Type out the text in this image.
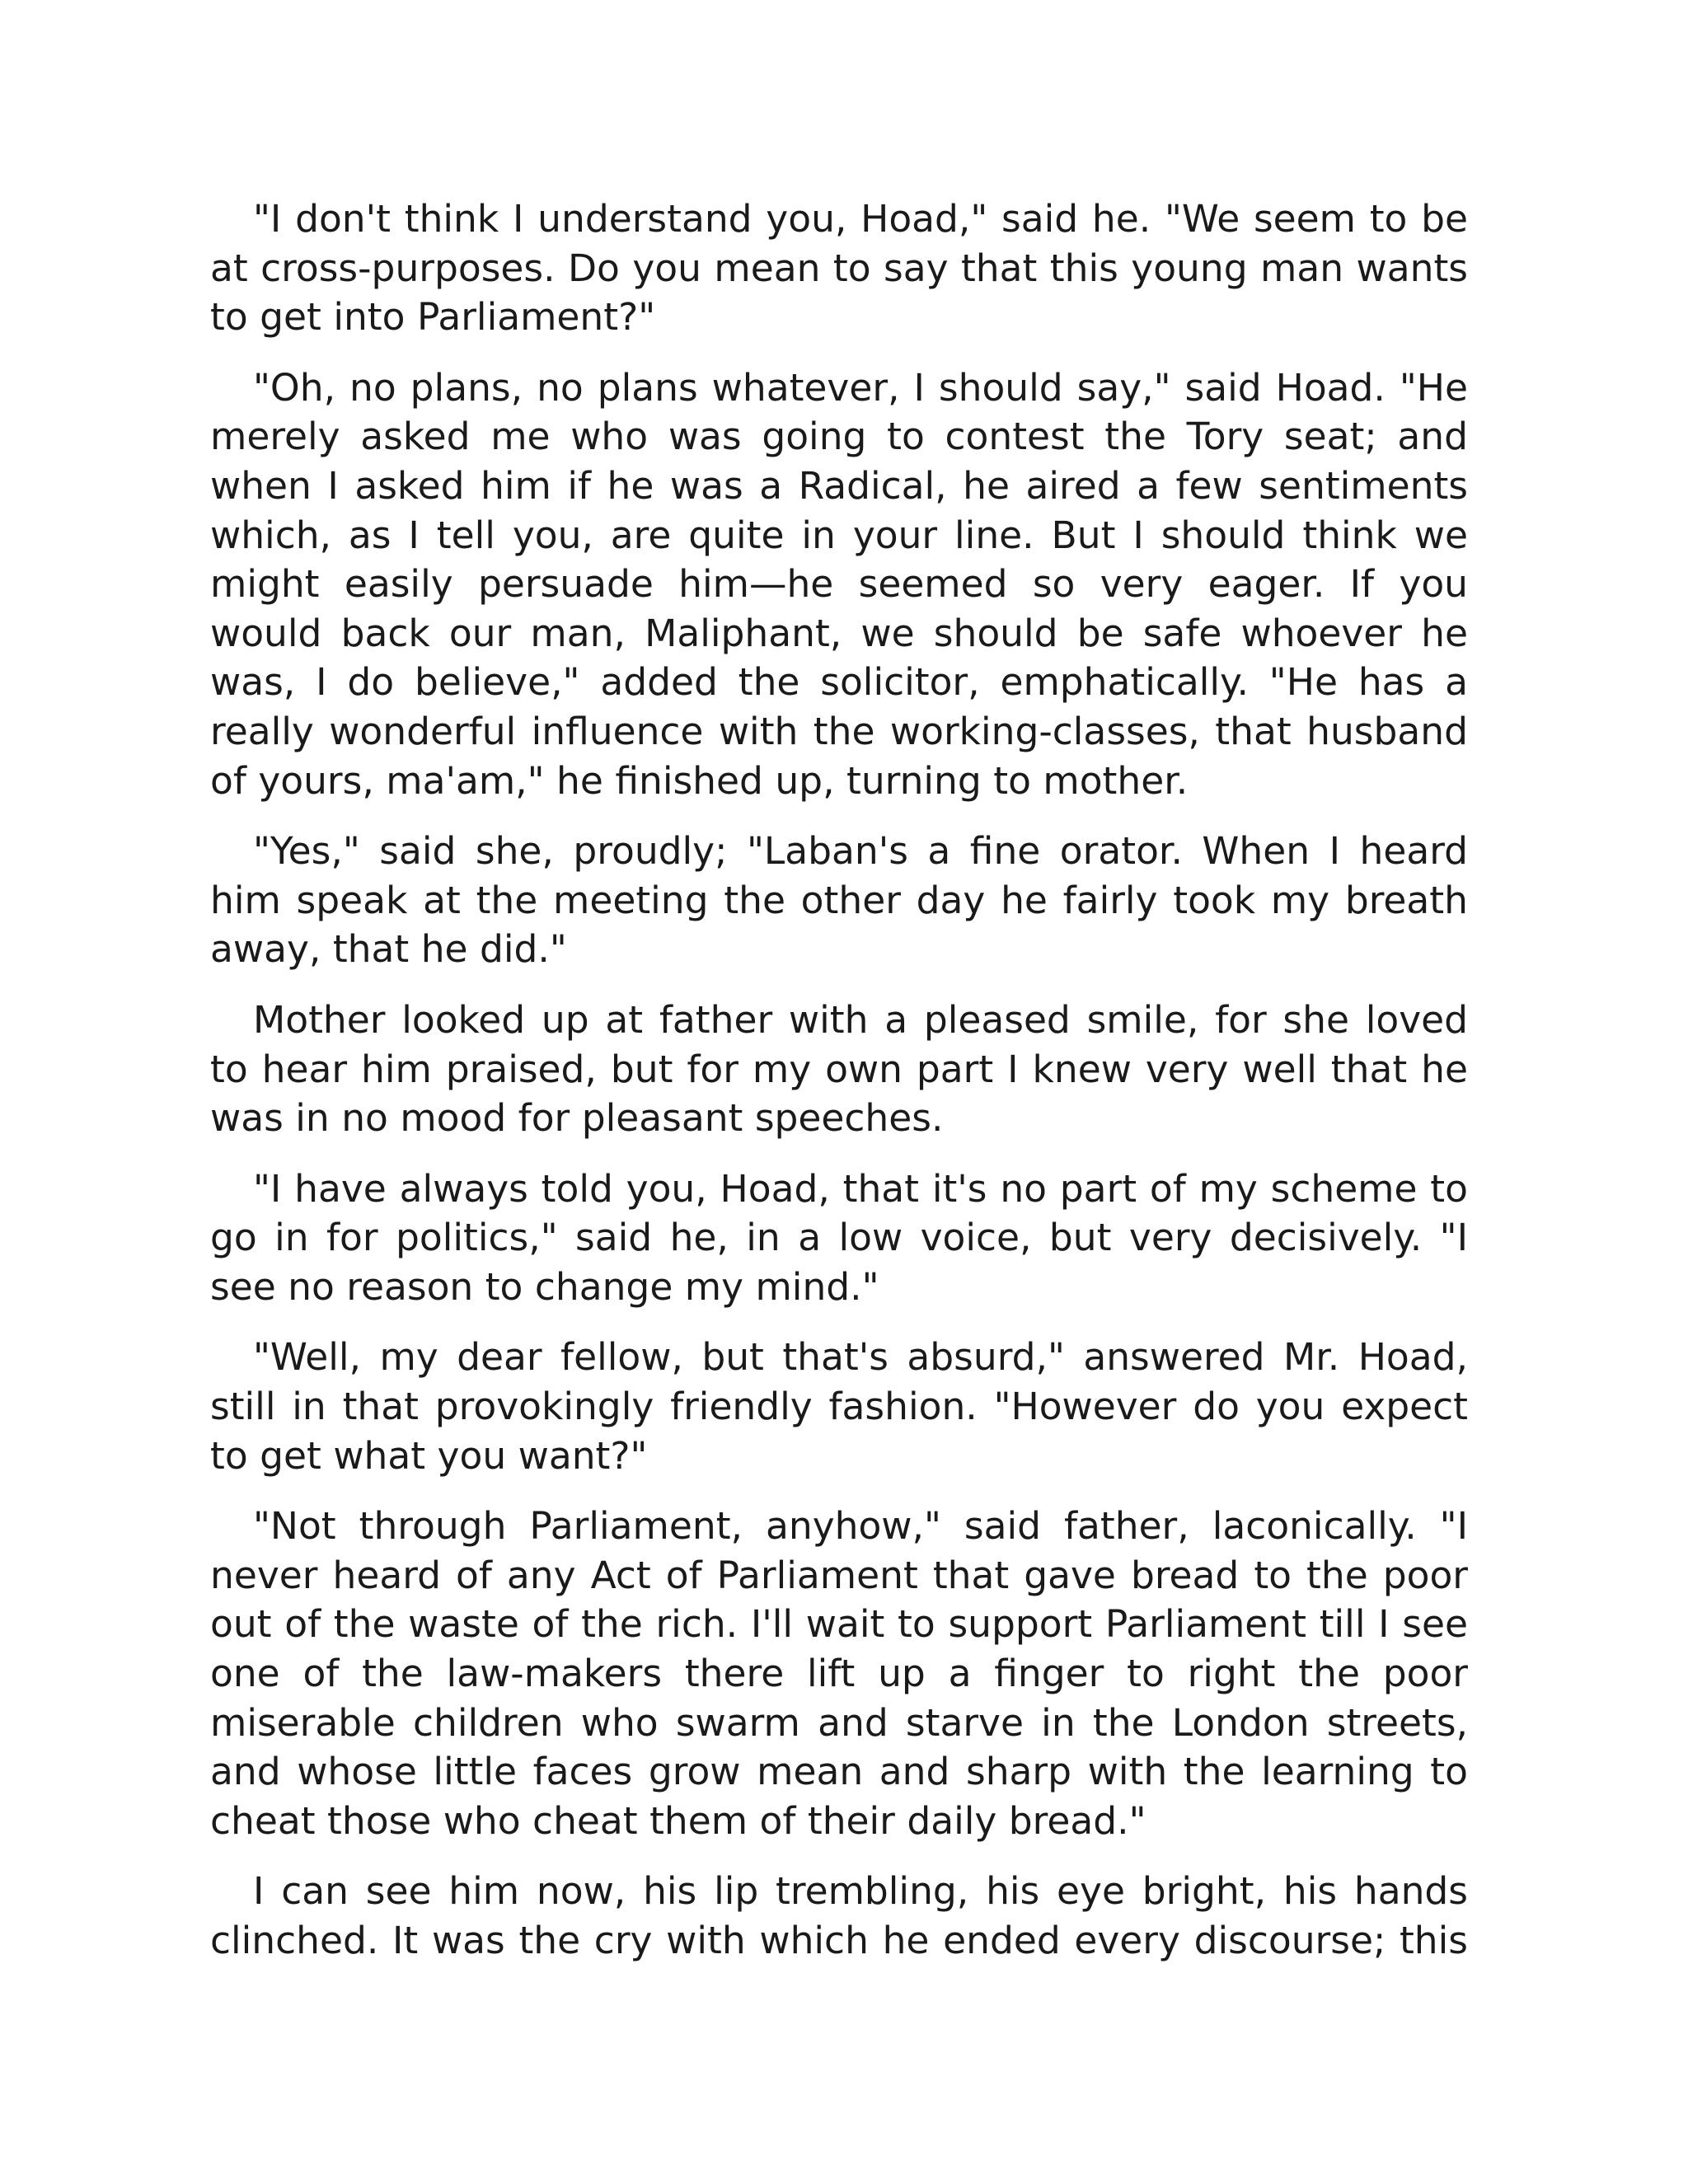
"I don't think I understand you, Hoad," said he. "We seem to be at cross-purposes. Do you mean to say that this young man wants to get into Parliament?"

"Oh, no plans, no plans whatever, I should say," said Hoad. "He merely asked me who was going to contest the Tory seat; and when I asked him if he was a Radical, he aired a few sentiments which, as I tell you, are quite in your line. But I should think we might easily persuade him—he seemed so very eager. If you would back our man, Maliphant, we should be safe whoever he was, I do believe," added the solicitor, emphatically. "He has a really wonderful influence with the working-classes, that husband of yours, ma'am," he finished up, turning to mother.

"Yes," said she, proudly; "Laban's a fine orator. When I heard him speak at the meeting the other day he fairly took my breath away, that he did."

Mother looked up at father with a pleased smile, for she loved to hear him praised, but for my own part I knew very well that he was in no mood for pleasant speeches.

"I have always told you, Hoad, that it's no part of my scheme to go in for politics," said he, in a low voice, but very decisively. "I see no reason to change my mind."

"Well, my dear fellow, but that's absurd," answered Mr. Hoad, still in that provokingly friendly fashion. "However do you expect to get what you want?"

"Not through Parliament, anyhow," said father, laconically. "I never heard of any Act of Parliament that gave bread to the poor out of the waste of the rich. I'll wait to support Parliament till I see one of the law-makers there lift up a finger to right the poor miserable children who swarm and starve in the London streets, and whose little faces grow mean and sharp with the learning to cheat those who cheat them of their daily bread."

I can see him now, his lip trembling, his eye bright, his hands clinched. It was the cry with which he ended every discourse; this
